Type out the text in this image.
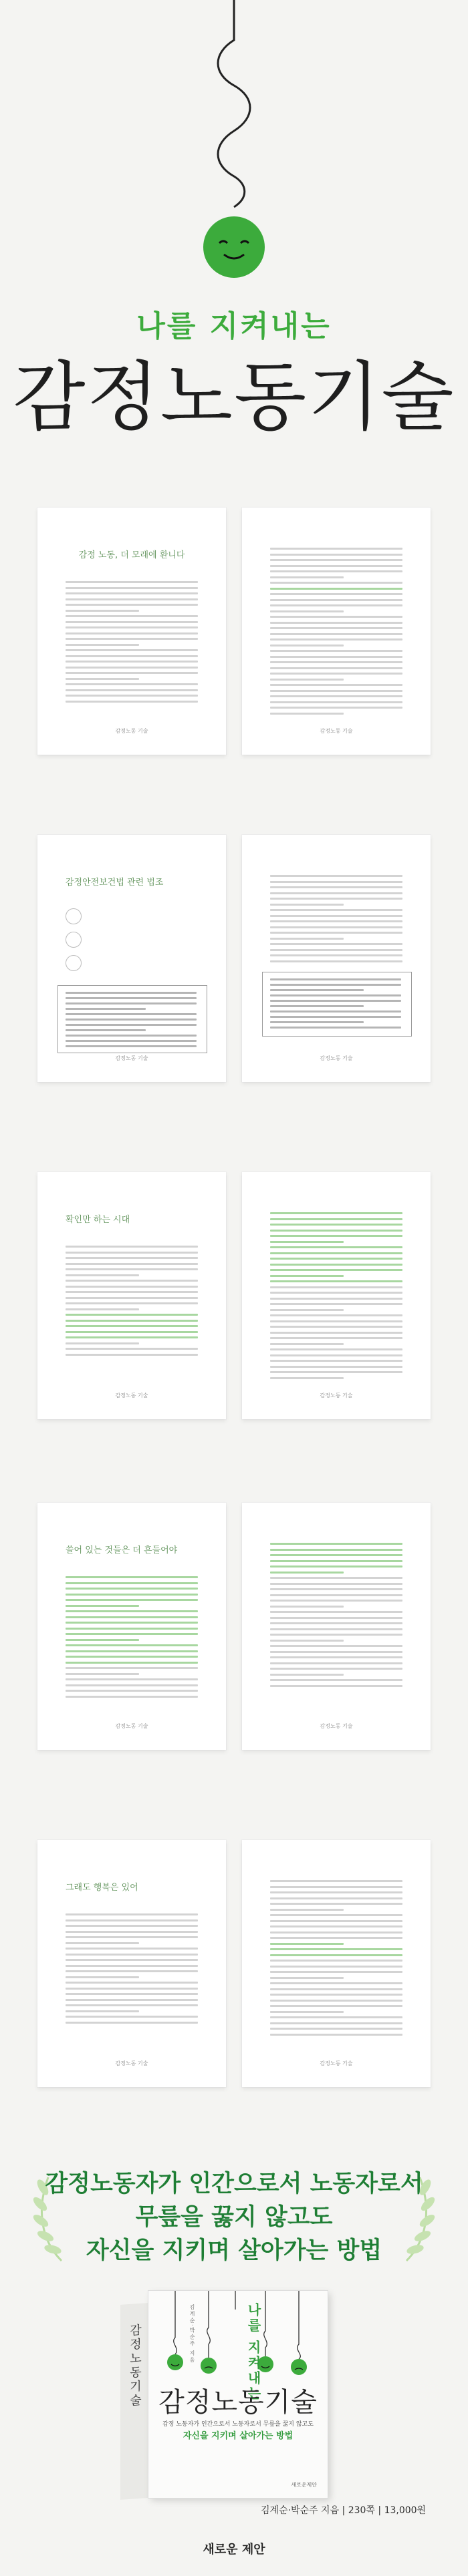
나를 지켜내는
감정노동기술
감정 노동, 더 모래에 환니다
감정노동 기술	감정노동 기술
감정안전보건법 관련 법조
감정노동 기술	감정노동 기술
확인만 하는 시대
감정노동 기술	감정노동 기술
쓸어 있는 것들은 더 흔들어야
감정노동 기술	감정노동 기술
그래도 행복은 있어
감정노동 기술	감정노동 기술
감정노동자가 인간으로서 노동자로서
무릎을 꿇지 않고도
자신을 지키며 살아가는 방법
감정노동기술	나를 지켜내는
김계순·박순주 지음
감정노동기술
감정 노동자가 인간으로서 노동자로서 무릎을 꿇지 않고도
자신을 지키며 살아가는 방법
새로운제안
김계순·박순주 지음 | 230쪽 | 13,000원
새로운 제안
